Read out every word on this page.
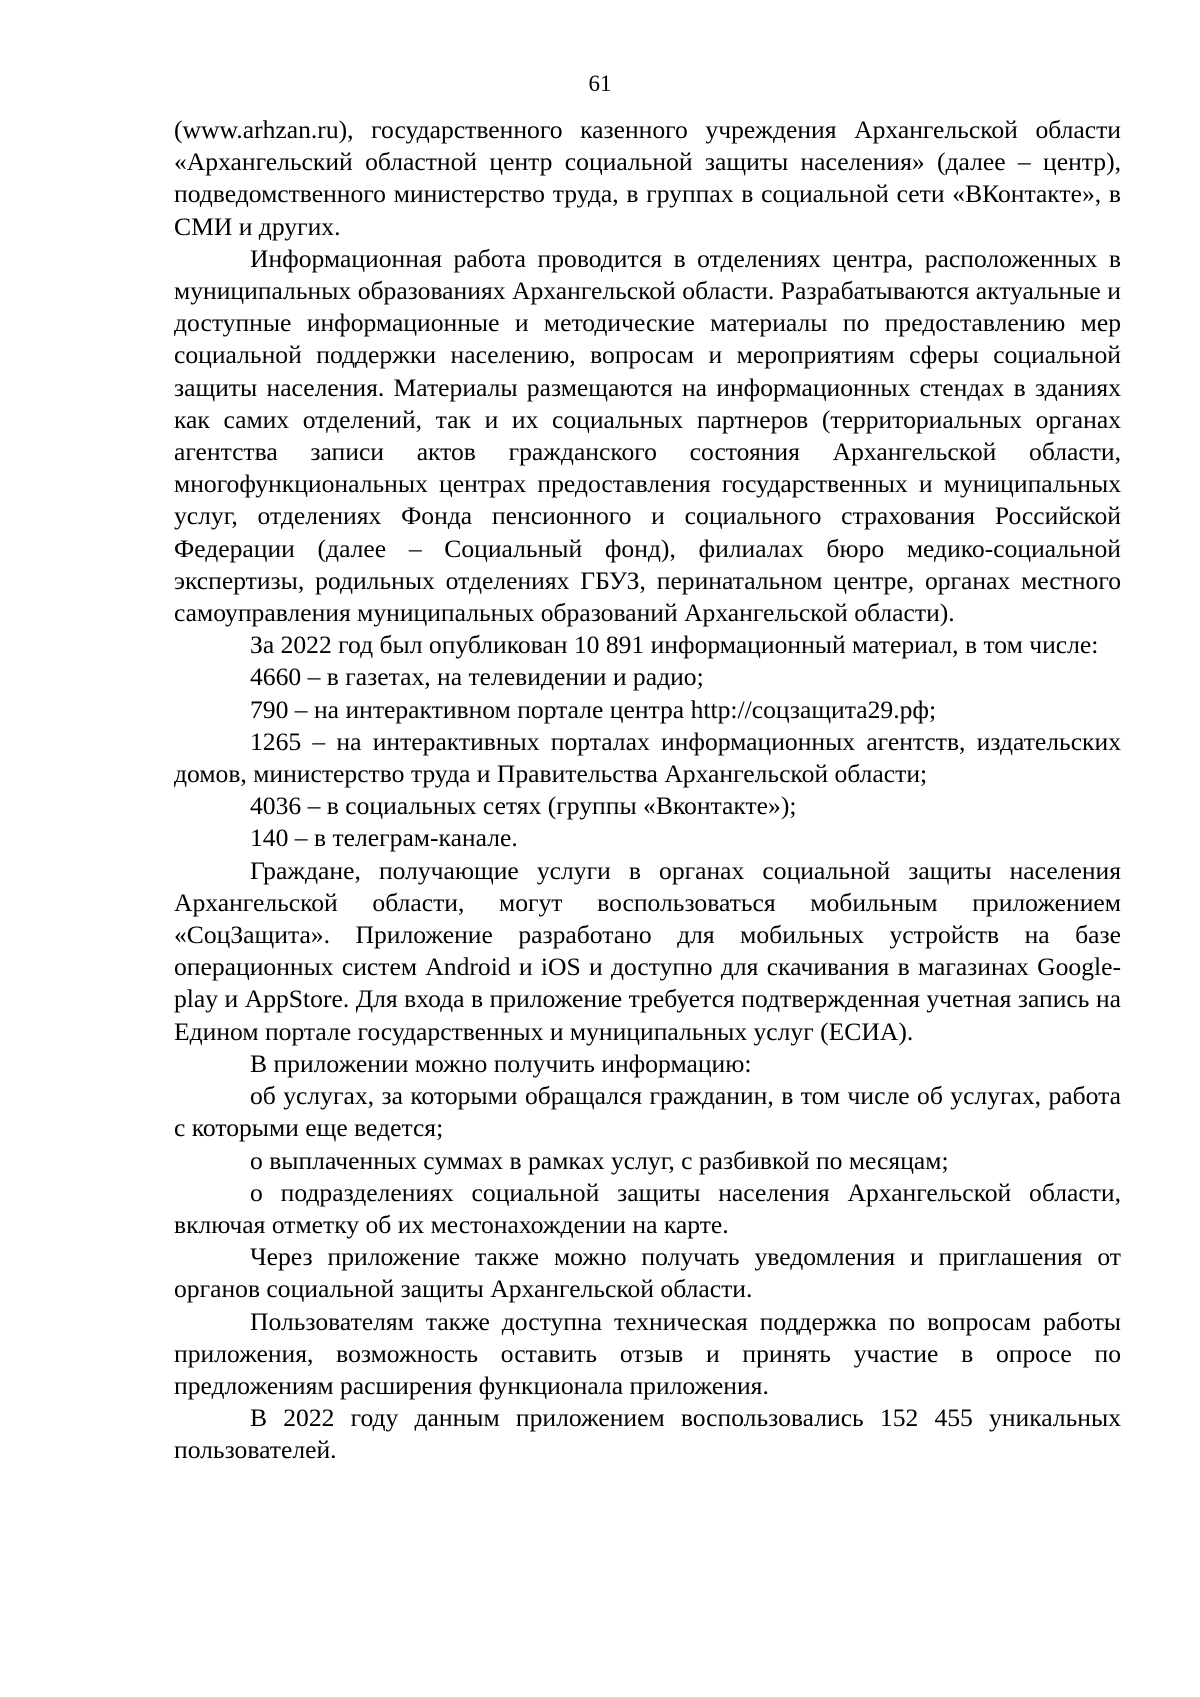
61

(www.arhzan.ru), государственного казенного учреждения Архангельской области «Архангельский областной центр социальной защиты населения» (далее – центр), подведомственного министерство труда, в группах в социальной сети «ВКонтакте», в СМИ и других.

Информационная работа проводится в отделениях центра, расположенных в муниципальных образованиях Архангельской области. Разрабатываются актуальные и доступные информационные и методические материалы по предоставлению мер социальной поддержки населению, вопросам и мероприятиям сферы социальной защиты населения. Материалы размещаются на информационных стендах в зданиях как самих отделений, так и их социальных партнеров (территориальных органах агентства записи актов гражданского состояния Архангельской области, многофункциональных центрах предоставления государственных и муниципальных услуг, отделениях Фонда пенсионного и социального страхования Российской Федерации (далее – Социальный фонд), филиалах бюро медико-социальной экспертизы, родильных отделениях ГБУЗ, перинатальном центре, органах местного самоуправления муниципальных образований Архангельской области).

За 2022 год был опубликован 10 891 информационный материал, в том числе:

4660 – в газетах, на телевидении и радио;

790 – на интерактивном портале центра http://соцзащита29.рф;

1265 – на интерактивных порталах информационных агентств, издательских домов, министерство труда и Правительства Архангельской области;

4036 – в социальных сетях (группы «Вконтакте»);

140 – в телеграм-канале.

Граждане, получающие услуги в органах социальной защиты населения Архангельской области, могут воспользоваться мобильным приложением «СоцЗащита». Приложение разработано для мобильных устройств на базе операционных систем Android и iOS и доступно для скачивания в магазинах Google-play и AppStore. Для входа в приложение требуется подтвержденная учетная запись на Едином портале государственных и муниципальных услуг (ЕСИА).

В приложении можно получить информацию:

об услугах, за которыми обращался гражданин, в том числе об услугах, работа с которыми еще ведется;

о выплаченных суммах в рамках услуг, с разбивкой по месяцам;

о подразделениях социальной защиты населения Архангельской области, включая отметку об их местонахождении на карте.

Через приложение также можно получать уведомления и приглашения от органов социальной защиты Архангельской области.

Пользователям также доступна техническая поддержка по вопросам работы приложения, возможность оставить отзыв и принять участие в опросе по предложениям расширения функционала приложения.

В 2022 году данным приложением воспользовались 152 455 уникальных пользователей.
